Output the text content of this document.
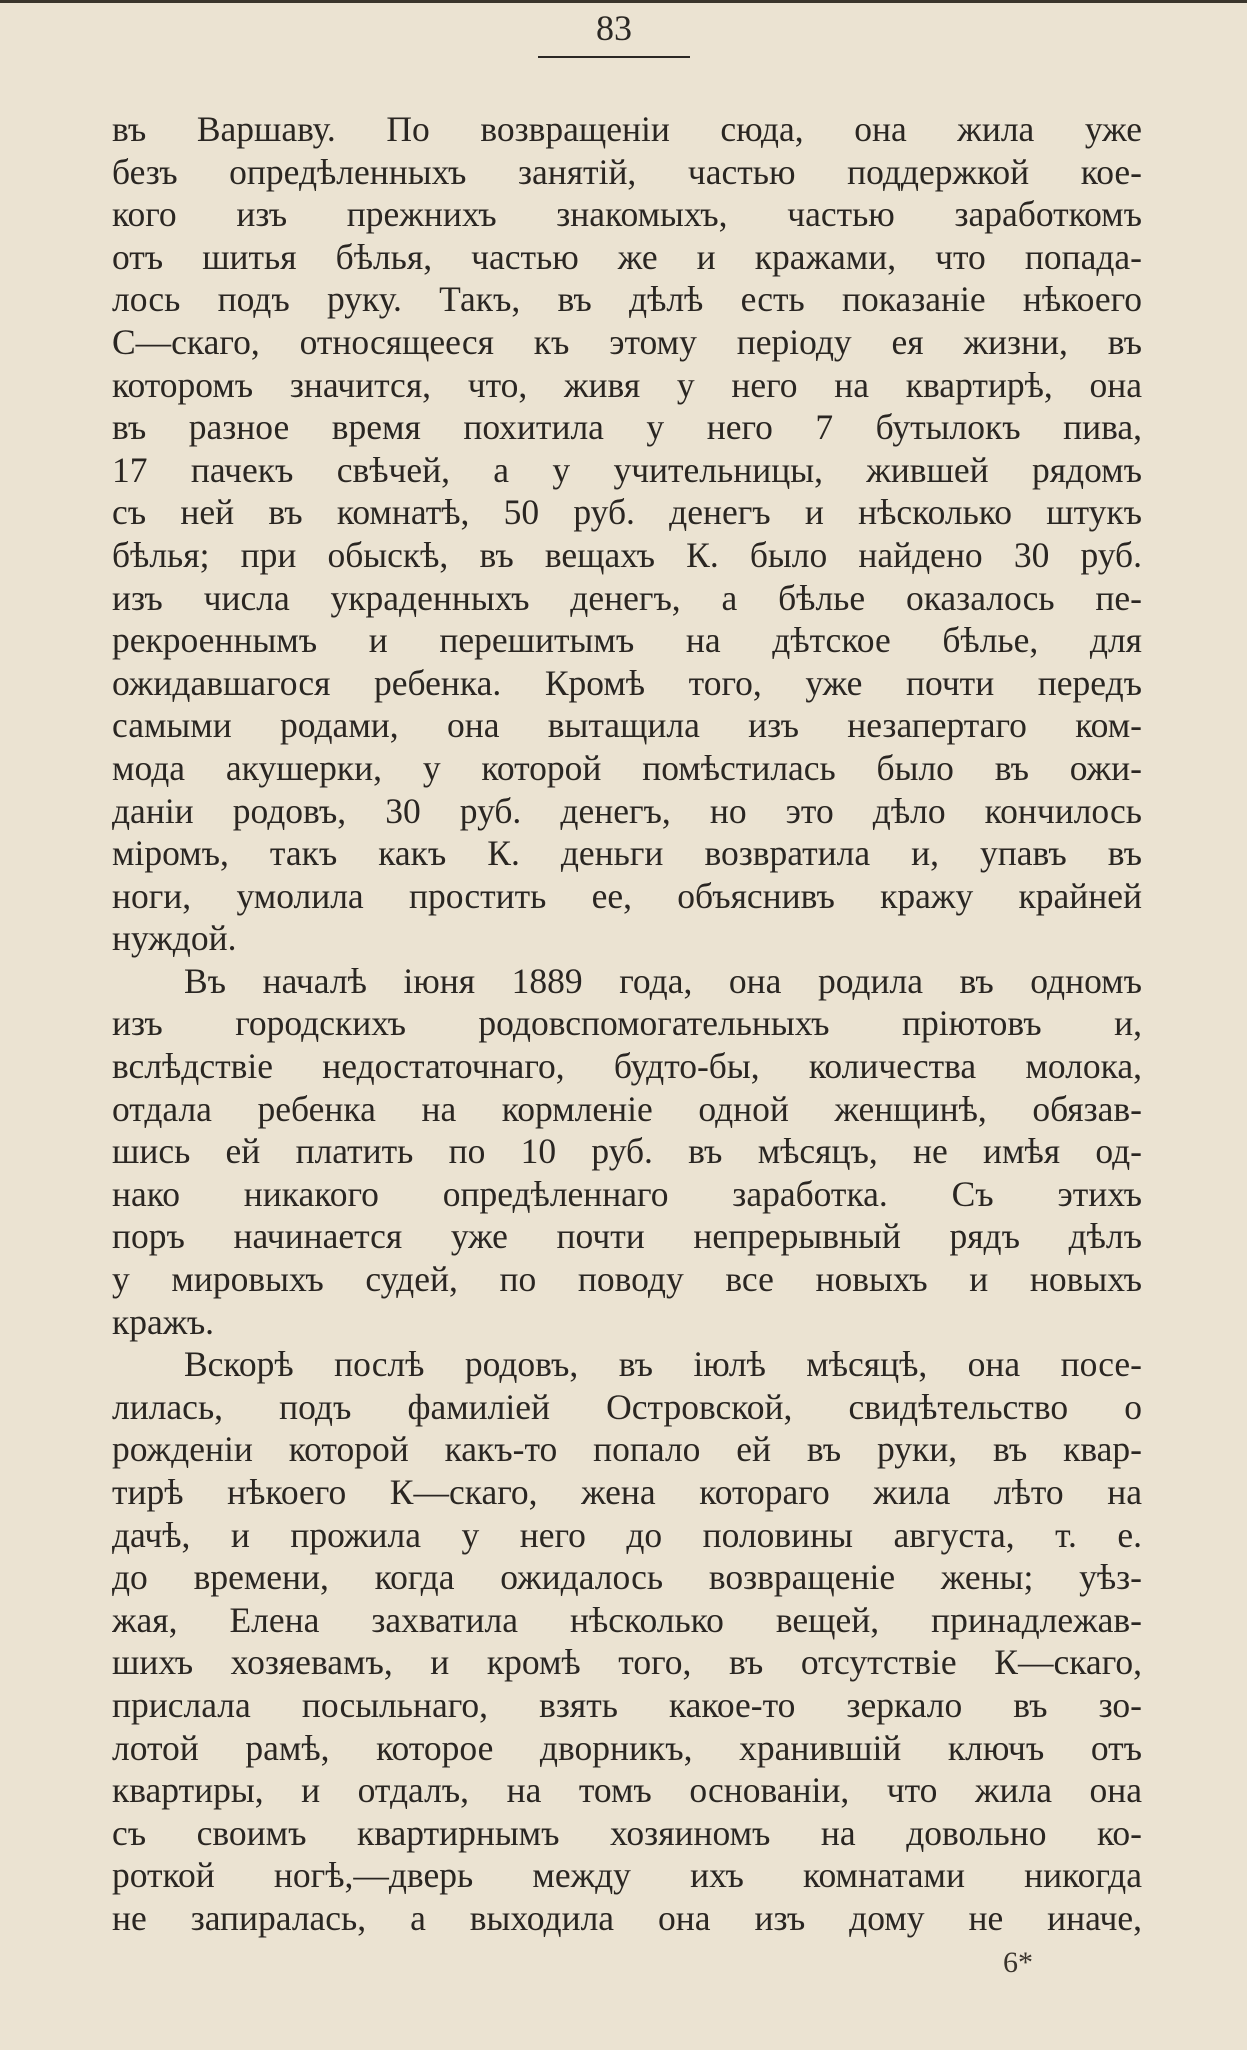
83
въ Варшаву. По возвращеніи сюда, она жила уже
безъ опредѣленныхъ занятій, частью поддержкой кое-
кого изъ прежнихъ знакомыхъ, частью заработкомъ
отъ шитья бѣлья, частью же и кражами, что попада-
лось подъ руку. Такъ, въ дѣлѣ есть показаніе нѣкоего
С—скаго, относящееся къ этому періоду ея жизни, въ
которомъ значится, что, живя у него на квартирѣ, она
въ разное время похитила у него 7 бутылокъ пива,
17 пачекъ свѣчей, а у учительницы, жившей рядомъ
съ ней въ комнатѣ, 50 руб. денегъ и нѣсколько штукъ
бѣлья; при обыскѣ, въ вещахъ К. было найдено 30 руб.
изъ числа украденныхъ денегъ, а бѣлье оказалось пе-
рекроеннымъ и перешитымъ на дѣтское бѣлье, для
ожидавшагося ребенка. Кромѣ того, уже почти передъ
самыми родами, она вытащила изъ незапертаго ком-
мода акушерки, у которой помѣстилась было въ ожи-
даніи родовъ, 30 руб. денегъ, но это дѣло кончилось
міромъ, такъ какъ К. деньги возвратила и, упавъ въ
ноги, умолила простить ее, объяснивъ кражу крайней
нуждой.
Въ началѣ іюня 1889 года, она родила въ одномъ
изъ городскихъ родовспомогательныхъ пріютовъ и,
вслѣдствіе недостаточнаго, будто-бы, количества молока,
отдала ребенка на кормленіе одной женщинѣ, обязав-
шись ей платить по 10 руб. въ мѣсяцъ, не имѣя од-
нако никакого опредѣленнаго заработка. Съ этихъ
поръ начинается уже почти непрерывный рядъ дѣлъ
у мировыхъ судей, по поводу все новыхъ и новыхъ
кражъ.
Вскорѣ послѣ родовъ, въ іюлѣ мѣсяцѣ, она посе-
лилась, подъ фамиліей Островской, свидѣтельство о
рожденіи которой какъ-то попало ей въ руки, въ квар-
тирѣ нѣкоего К—скаго, жена котораго жила лѣто на
дачѣ, и прожила у него до половины августа, т. е.
до времени, когда ожидалось возвращеніе жены; уѣз-
жая, Елена захватила нѣсколько вещей, принадлежав-
шихъ хозяевамъ, и кромѣ того, въ отсутствіе К—скаго,
прислала посыльнаго, взять какое-то зеркало въ зо-
лотой рамѣ, которое дворникъ, хранившій ключъ отъ
квартиры, и отдалъ, на томъ основаніи, что жила она
съ своимъ квартирнымъ хозяиномъ на довольно ко-
роткой ногѣ,—дверь между ихъ комнатами никогда
не запиралась, а выходила она изъ дому не иначе,
6*
